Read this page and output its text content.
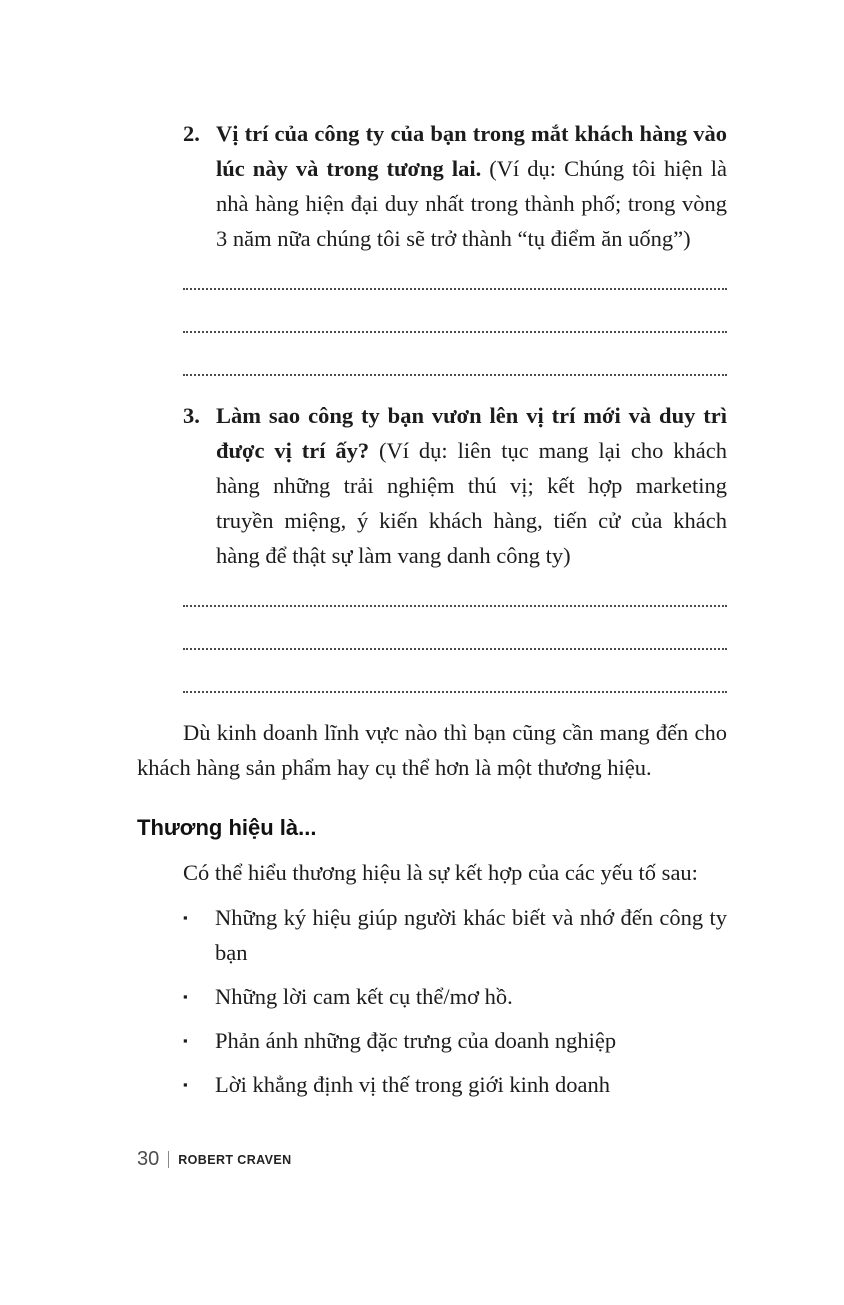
2. Vị trí của công ty của bạn trong mắt khách hàng vào lúc này và trong tương lai. (Ví dụ: Chúng tôi hiện là nhà hàng hiện đại duy nhất trong thành phố; trong vòng 3 năm nữa chúng tôi sẽ trở thành “tụ điểm ăn uống”)
3. Làm sao công ty bạn vươn lên vị trí mới và duy trì được vị trí ấy? (Ví dụ: liên tục mang lại cho khách hàng những trải nghiệm thú vị; kết hợp marketing truyền miệng, ý kiến khách hàng, tiến cử của khách hàng để thật sự làm vang danh công ty)

Dù kinh doanh lĩnh vực nào thì bạn cũng cần mang đến cho khách hàng sản phẩm hay cụ thể hơn là một thương hiệu.

Thương hiệu là...

Có thể hiểu thương hiệu là sự kết hợp của các yếu tố sau:

▪	Những ký hiệu giúp người khác biết và nhớ đến công ty bạn
▪	Những lời cam kết cụ thể/mơ hồ.
▪	Phản ánh những đặc trưng của doanh nghiệp
▪	Lời khẳng định vị thế trong giới kinh doanh
30 ROBERT CRAVEN
